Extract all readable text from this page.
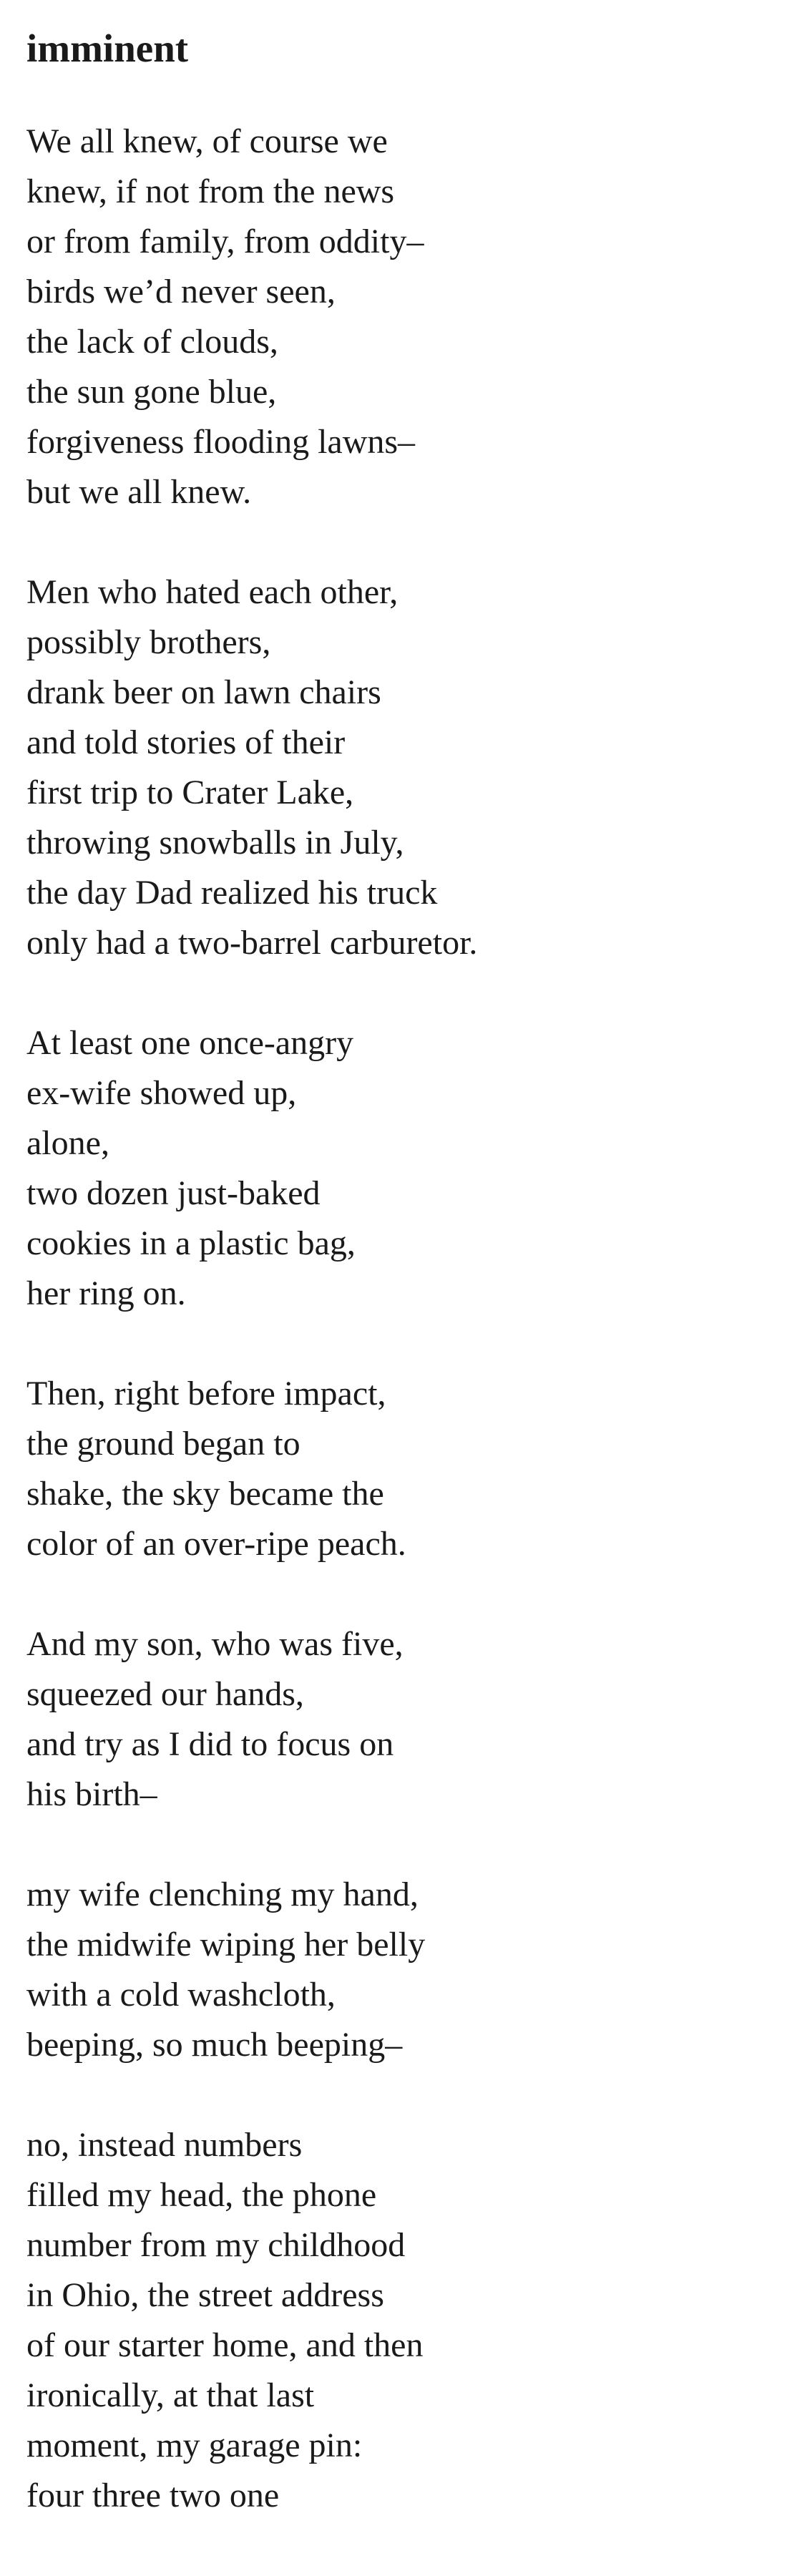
imminent
We all knew, of course we
knew, if not from the news
or from family, from oddity–
birds we’d never seen,
the lack of clouds,
the sun gone blue,
forgiveness flooding lawns–
but we all knew.
Men who hated each other,
possibly brothers,
drank beer on lawn chairs
and told stories of their
first trip to Crater Lake,
throwing snowballs in July,
the day Dad realized his truck
only had a two-barrel carburetor.
At least one once-angry
ex-wife showed up,
alone,
two dozen just-baked
cookies in a plastic bag,
her ring on.
Then, right before impact,
the ground began to
shake, the sky became the
color of an over-ripe peach.
And my son, who was five,
squeezed our hands,
and try as I did to focus on
his birth–
my wife clenching my hand,
the midwife wiping her belly
with a cold washcloth,
beeping, so much beeping–
no, instead numbers
filled my head, the phone
number from my childhood
in Ohio, the street address
of our starter home, and then
ironically, at that last
moment, my garage pin:
four three two one
